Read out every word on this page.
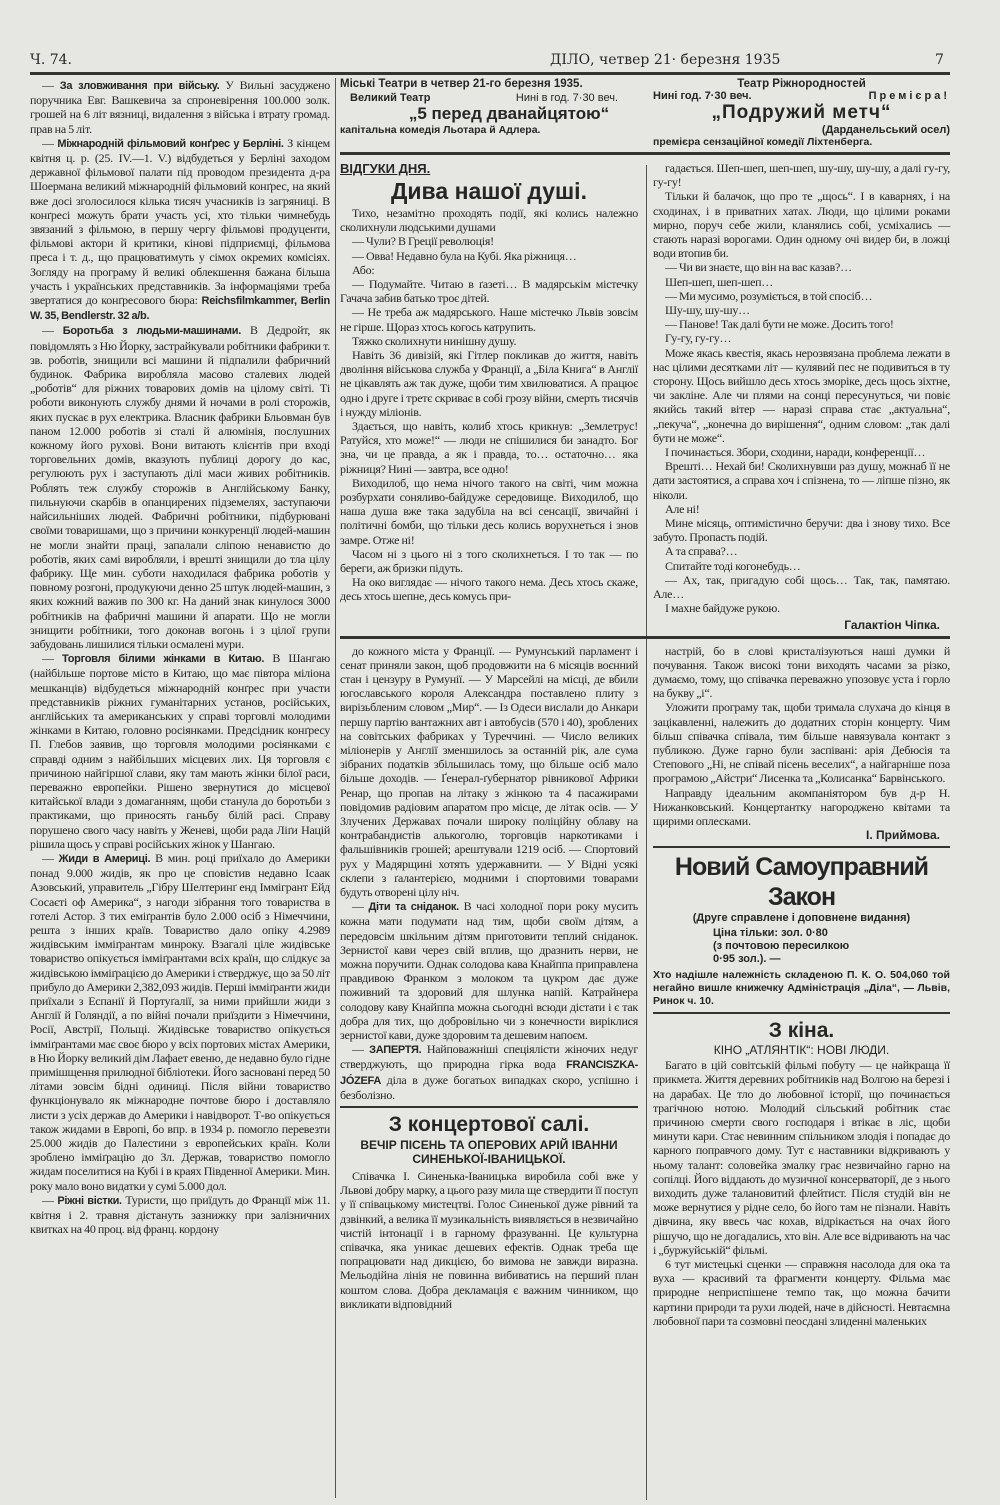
Ч. 74.	ДІЛО, четвер 21· березня 1935	7

— За зловживання при війську. У Вильні засуджено поручника Евг. Вашкевича за спроневірення 100.000 золк. грошей на 6 літ вязниці, видалення з війська і втрату громад. прав на 5 літ.

— Міжнародній фільмовий конґрес у Берліні. З кінцем квітня ц. р. (25. IV.—1. V.) відбудеться у Берліні заходом державної фільмової палати під проводом президента д-ра Шоермана великий міжнародній фільмовий конґрес, на який вже досі зголосилося кілька тисяч учасників із загряниці. В конґресі можуть брати участь усі, хто тільки чимнебудь звязаний з фільмою, в першу чергу фільмові продуценти, фільмові актори й критики, кінові підприємці, фільмова преса і т. д., що працюватимуть у сімох окремих комісіях. Зогляду на програму й великі облекшення бажана більша участь і українських представників. За інформаціями треба звертатися до конґресового бюра: Reichsfilmkammer, Berlin W. 35, Bendlerstr. 32 a/b.

— Боротьба з людьми-машинами. В Дедройт, як повідомлять з Ню Йорку, застрайкували робітники фабрики т. зв. роботів, знищили всі машини й підпалили фабричний будинок. Фабрика виробляла масово сталевих людей „роботів“ для ріжних товарових домів на цілому світі. Ті роботи виконують службу днями й ночами в ролі сторожів, яких пускає в рух електрика. Власник фабрики Бльовман був паном 12.000 роботів зі сталі й алюмінія, послушних кожному його рухові. Вони витають клієнтів при вході торговельних домів, вказують публиці дорогу до кас, регулюють рух і заступають ділі маси живих робітників. Роблять теж службу сторожів в Англійському Банку, пильнуючи скарбів в опанцирених підземелях, заступаючи найсильніших людей. Фабричні робітники, підбурювані своїми товаришами, що з причини конкуренції людей-машин не могли знайти праці, запалали сліпою ненавистю до роботів, яких самі виробляли, і врешті знищили до тла цілу фабрику. Ще мин. суботи находилася фабрика роботів у повному розгоні, продукуючи денно 25 штук людей-машин, з яких кожний важив по 300 кг. На даний знак кинулося 3000 робітників на фабричні машини й апарати. Що не могли знищити робітники, того доконав вогонь і з цілої групи забудовань лишилися тільки осмалені мури.

— Торговля білими жінками в Китаю. В Шангаю (найбільше портове місто в Китаю, що має півтора міліона мешканців) відбудеться міжнародній конґрес при участи представників ріжних гуманітарних установ, російських, англійських та американських у справі торговлі молодими жінками в Китаю, головно росіянками. Предсідник конґресу П. Глебов заявив, що торговля молодими росіянками є справді одним з найбільших місцевих лих. Ця торговля є причиною найгіршої слави, яку там мають жінки білої раси, переважно европейки. Рішено звернутися до місцевої китайської влади з домаганням, щоби станула до боротьби з практиками, що приносять ганьбу білій расі. Справу порушено свого часу навіть у Женеві, щоби рада Ліґи Націй рішила щось у справі російських жінок у Шангаю.

— Жиди в Америці. В мин. році приїхало до Америки понад 9.000 жидів, як про це сповістив недавно Ісаак Азовський, управитель „Гібру Шелтеринґ енд Іммігрант Ейд Сосаєті оф Америка“, з нагоди зібрання того товариства в готелі Астор. З тих еміґрантів було 2.000 осіб з Німеччини, решта з інших країв. Товариство дало опіку 4.2989 жидівським імміґрантам минроку. Взагалі ціле жидівське товариство опікується імміґрантами всіх країн, що слідкує за жидівською імміґрацією до Америки і стверджує, що за 50 літ прибуло до Америки 2,382,093 жидів. Перші імміґранти жиди приїхали з Еспанії й Портуґалії, за ними прийшли жиди з Англії й Голяндії, а по війні почали приїздити з Німеччини, Росії, Австрії, Польщі. Жидівське товариство опікується імміґрантами має своє бюро у всіх портових містах Америки, в Ню Йорку великий дім Лафает евеню, де недавно було гідне примішщення прилюдної бібліотеки. Його засновані перед 50 літами зовсім бідні одиниці. Після війни товариство функціонувало як міжнародне почтове бюро і доставляло листи з усіх держав до Америки і навідворот. Т-во опікується також жидами в Европі, бо впр. в 1934 р. помогло перевезти 25.000 жидів до Палестини з европейських країн. Коли зроблено імміґрацію до Зл. Держав, товариство помогло жидам поселитися на Кубі і в краях Південної Америки. Мин. року мало воно видатки у сумі 5.000 дол.

— Ріжні вістки. Туристи, що приїдуть до Франції між 11. квітня і 2. травня дістануть зазнижку при залізничних квитках на 40 проц. від франц. кордону

Міські Театри в четвер 21-го березня 1935.
Великий Театр	Нині в год. 7·30 веч.
„5 перед дванайцятою“
капітальна комедія Льотара й Адлера.
Театр Ріжнородностей
Нині год. 7·30 веч.	Премієра!
„Подружий метч“
(Дарданельський осел)
премієра сензаційної комедії Ліхтенберга.
ВІДГУКИ ДНЯ.
Дива нашої душі.

Тихо, незамітно проходять події, які колись належно сколихнули людськими душами

— Чули? В Греції революція!

— Овва! Недавно була на Кубі. Яка ріжниця…

Або:

— Подумайте. Читаю в ґазеті… В мадярськім містечку Гачача забив батько троє дітей.

— Не треба аж мадярського. Наше містечко Львів зовсім не гірше. Щораз хтось когось катрупить.

Тяжко сколихнути нинішну душу.

Навіть 36 дивізій, які Гітлер покликав до життя, навіть двоління військова служба у Франції, а „Біла Книга“ в Англії не цікавлять аж так дуже, щоби тим хвилюватися. А працює одно і друге і третє скриває в собі грозу війни, смерть тисячів і нужду міліонів.

Здається, що навіть, колиб хтось крикнув: „Землетрус! Ратуйся, хто може!“ — люди не спішилися би занадто. Бог зна, чи це правда, а як і правда, то… остаточно… яка ріжниця? Нині — завтра, все одно!

Виходилоб, що нема нічого такого на світі, чим можна розбурхати соняливо-байдуже середовище. Виходилоб, що наша душа вже така задубіла на всі сенсації, звичайні і політичні бомби, що тільки десь колись ворухнеться і знов замре. Отже ні!

Часом ні з цього ні з того сколихнеться. І то так — по береги, аж бризки підуть.

На око виглядає — нічого такого нема. Десь хтось скаже, десь хтось шепне, десь комусь при-

гадається. Шеп-шеп, шеп-шеп, шу-шу, шу-шу, а далі гу-гу, гу-гу!

Тільки й балачок, що про те „щось“. І в каварнях, і на сходинах, і в приватних хатах. Люди, що цілими роками мирно, поруч себе жили, кланялись собі, усміхались — стають наразі ворогами. Один одному очі видер би, в ложці води втопив би.

— Чи ви знаєте, що він на вас казав?…

Шеп-шеп, шеп-шеп…

— Ми мусимо, розуміється, в той спосіб…

Шу-шу, шу-шу…

— Панове! Так далі бути не може. Досить того!

Гу-гу, гу-гу…

Може якась квестія, якась нерозвязана проблема лежати в нас цілими десятками літ — кулявий пес не подивиться в ту сторону. Щось вийшло десь хтось зморіке, десь щось зіхтне, чи закліне. Але чи плями на сонці пересунуться, чи повіє якийсь такий вітер — наразі справа стає „актуальна“, „пекуча“, „конечна до вирішення“, одним словом: „так далі бути не може“.

І починається. Збори, сходини, наради, конференції…

Врешті… Нехай би! Сколихнувши раз душу, можнаб її не дати застоятися, а справа хоч і спізнена, то — ліпше пізно, як ніколи.

Але ні!

Мине місяць, оптимістично беручи: два і знову тихо. Все забуто. Пропасть подій.

А та справа?…

Спитайте тоді когонебудь…

— Ах, так, пригадую собі щось… Так, так, памятаю. Але…

І махне байдуже рукою.

Галактіон Чіпка.

до кожного міста у Франції. — Румунський парламент і сенат приняли закон, щоб продовжити на 6 місяців воєнний стан і цензуру в Румунії. — У Марсейлі на місці, де вбили югославського короля Александра поставлено плиту з вирізьбленим словом „Мир“. — Із Одеси вислали до Анкари першу партію вантажних авт і автобусів (570 і 40), зроблених на совітських фабриках у Туреччині. — Число великих міліонерів у Англії зменшилось за останній рік, але сума зібраних податків збільшилась тому, що більше осіб мало більше доходів. — Ґенерал-ґубернатор рівникової Африки Ренар, що пропав на літаку з жінкою та 4 пасажирами повідомив радіовим апаратом про місце, де літак осів. — У Злучених Державах почали широку поліційну облаву на контрабандистів алькоголю, торговців наркотиками і фальшівників грошей; арештували 1219 осіб. — Спортовий рух у Мадярщині хотять удержавнити. — У Відні усякі склепи з ґалантерією, модними і спортовими товарами будуть отворені цілу ніч.

— Діти та сніданок. В часі холодної пори року мусить кожна мати подумати над тим, щоби своїм дітям, а передовсім шкільним дітям приготовити теплий сніданок. Зернистої кави через свій вплив, що дразнить нерви, не можна поручити. Однак солодова кава Кнайппа приправлена правдивою Франком з молоком та цукром дає дуже поживний та здоровий для шлунка напій. Катрайнера солодову каву Кнайппа можна сьогодні всюди дістати і є так добра для тих, що добровільно чи з конечности виріклися зернистої кави, дуже здоровим та дешевим напоєм.

— ЗАПЕРТЯ. Найповажніші спеціялісти жіночих недуг стверджують, що природна гірка вода FRANCISZKA-JÓZEFA діла в дуже богатьох випадках скоро, успішно і безболізно.

З концертової салі.
ВЕЧІР ПІСЕНЬ ТА ОПЕРОВИХ АРІЙ ІВАННИ СИНЕНЬКОЇ-ІВАНИЦЬКОЇ.

Співачка І. Синенька-Іваницька виробила собі вже у Львові добру марку, а цього разу мила ще ствердити її поступ у її співацькому мистецтві. Голос Синенької дуже рівний та дзвінкий, а велика її музикальність виявляється в незвичайно чистій інтонації і в гарному фразуванні. Це культурна співачка, яка уникає дешевих ефектів. Однак треба ще попрацювати над дикцією, бо вимова не завжди виразна. Мельодійна лінія не повинна вибиватись на перший план коштом слова. Добра декламація є важним чинником, що викликати відповідний

настрій, бо в слові кристалізуються наші думки й почування. Також високі тони виходять часами за різко, думаємо, тому, що співачка переважно упозовує уста і горло на букву „і“.

Уложити програму так, щоби тримала слухача до кінця в зацікавленні, належить до додатних сторін концерту. Чим більш співачка співала, тим більше навязувала контакт з публикою. Дуже гарно були заспівані: арія Дебюсія та Степового „Ні, не співай пісень веселих“, а найгарніше поза програмою „Айстри“ Лисенка та „Колисанка“ Барвінського.

Направду ідеальним акомпаніятором був д-р Н. Нижанковський. Концертантку нагороджено квітами та щирими оплесками.

І. Приймова.
Новий Самоуправний Закон
(Друге справлене і доповнене видання)
Ціна тільки: зол. 0·80
(з почтовою пересилкою
0·95 зол.). —
Хто надішле належність складеною П. К. О. 504,060 той негайно вишле книжечку Адміністрація „Діла“, — Львів, Ринок ч. 10.
З кіна.
КІНО „АТЛЯНТІК“: НОВІ ЛЮДИ.

Багато в цій совітській фільмі побуту — це найкраща її прикмета. Життя деревних робітників над Волгою на березі і на дарабах. Це тло до любовної історії, що починається трагічною нотою. Молодий сільський робітник стає причиною смерти свого господаря і втікає в ліс, щоби минути кари. Стає невинним спільником злодія і попадає до карного поправчого дому. Тут є наставники відкривають у ньому талант: соловейка змалку грає незвичайно гарно на сопілці. Його віддають до музичної консерваторії, де з нього виходить дуже талановитий флейтист. Після студій він не може вернутися у рідне село, бо його там не пізнали. Навіть дівчина, яку ввесь час кохав, відрікається на очах його рішучо, що не догадались, хто він. Але все відривають на час і „буржуйській“ фільмі.

6 тут мистецькі сценки — справжня насолода для ока та вуха — красивий та фрагменти концерту. Фільма має природне неприспішене темпо так, що можна бачити картини природи та рухи людей, наче в дійсності. Невтаємна любовної пари та созмовні пеосдані злиденні маленьких
